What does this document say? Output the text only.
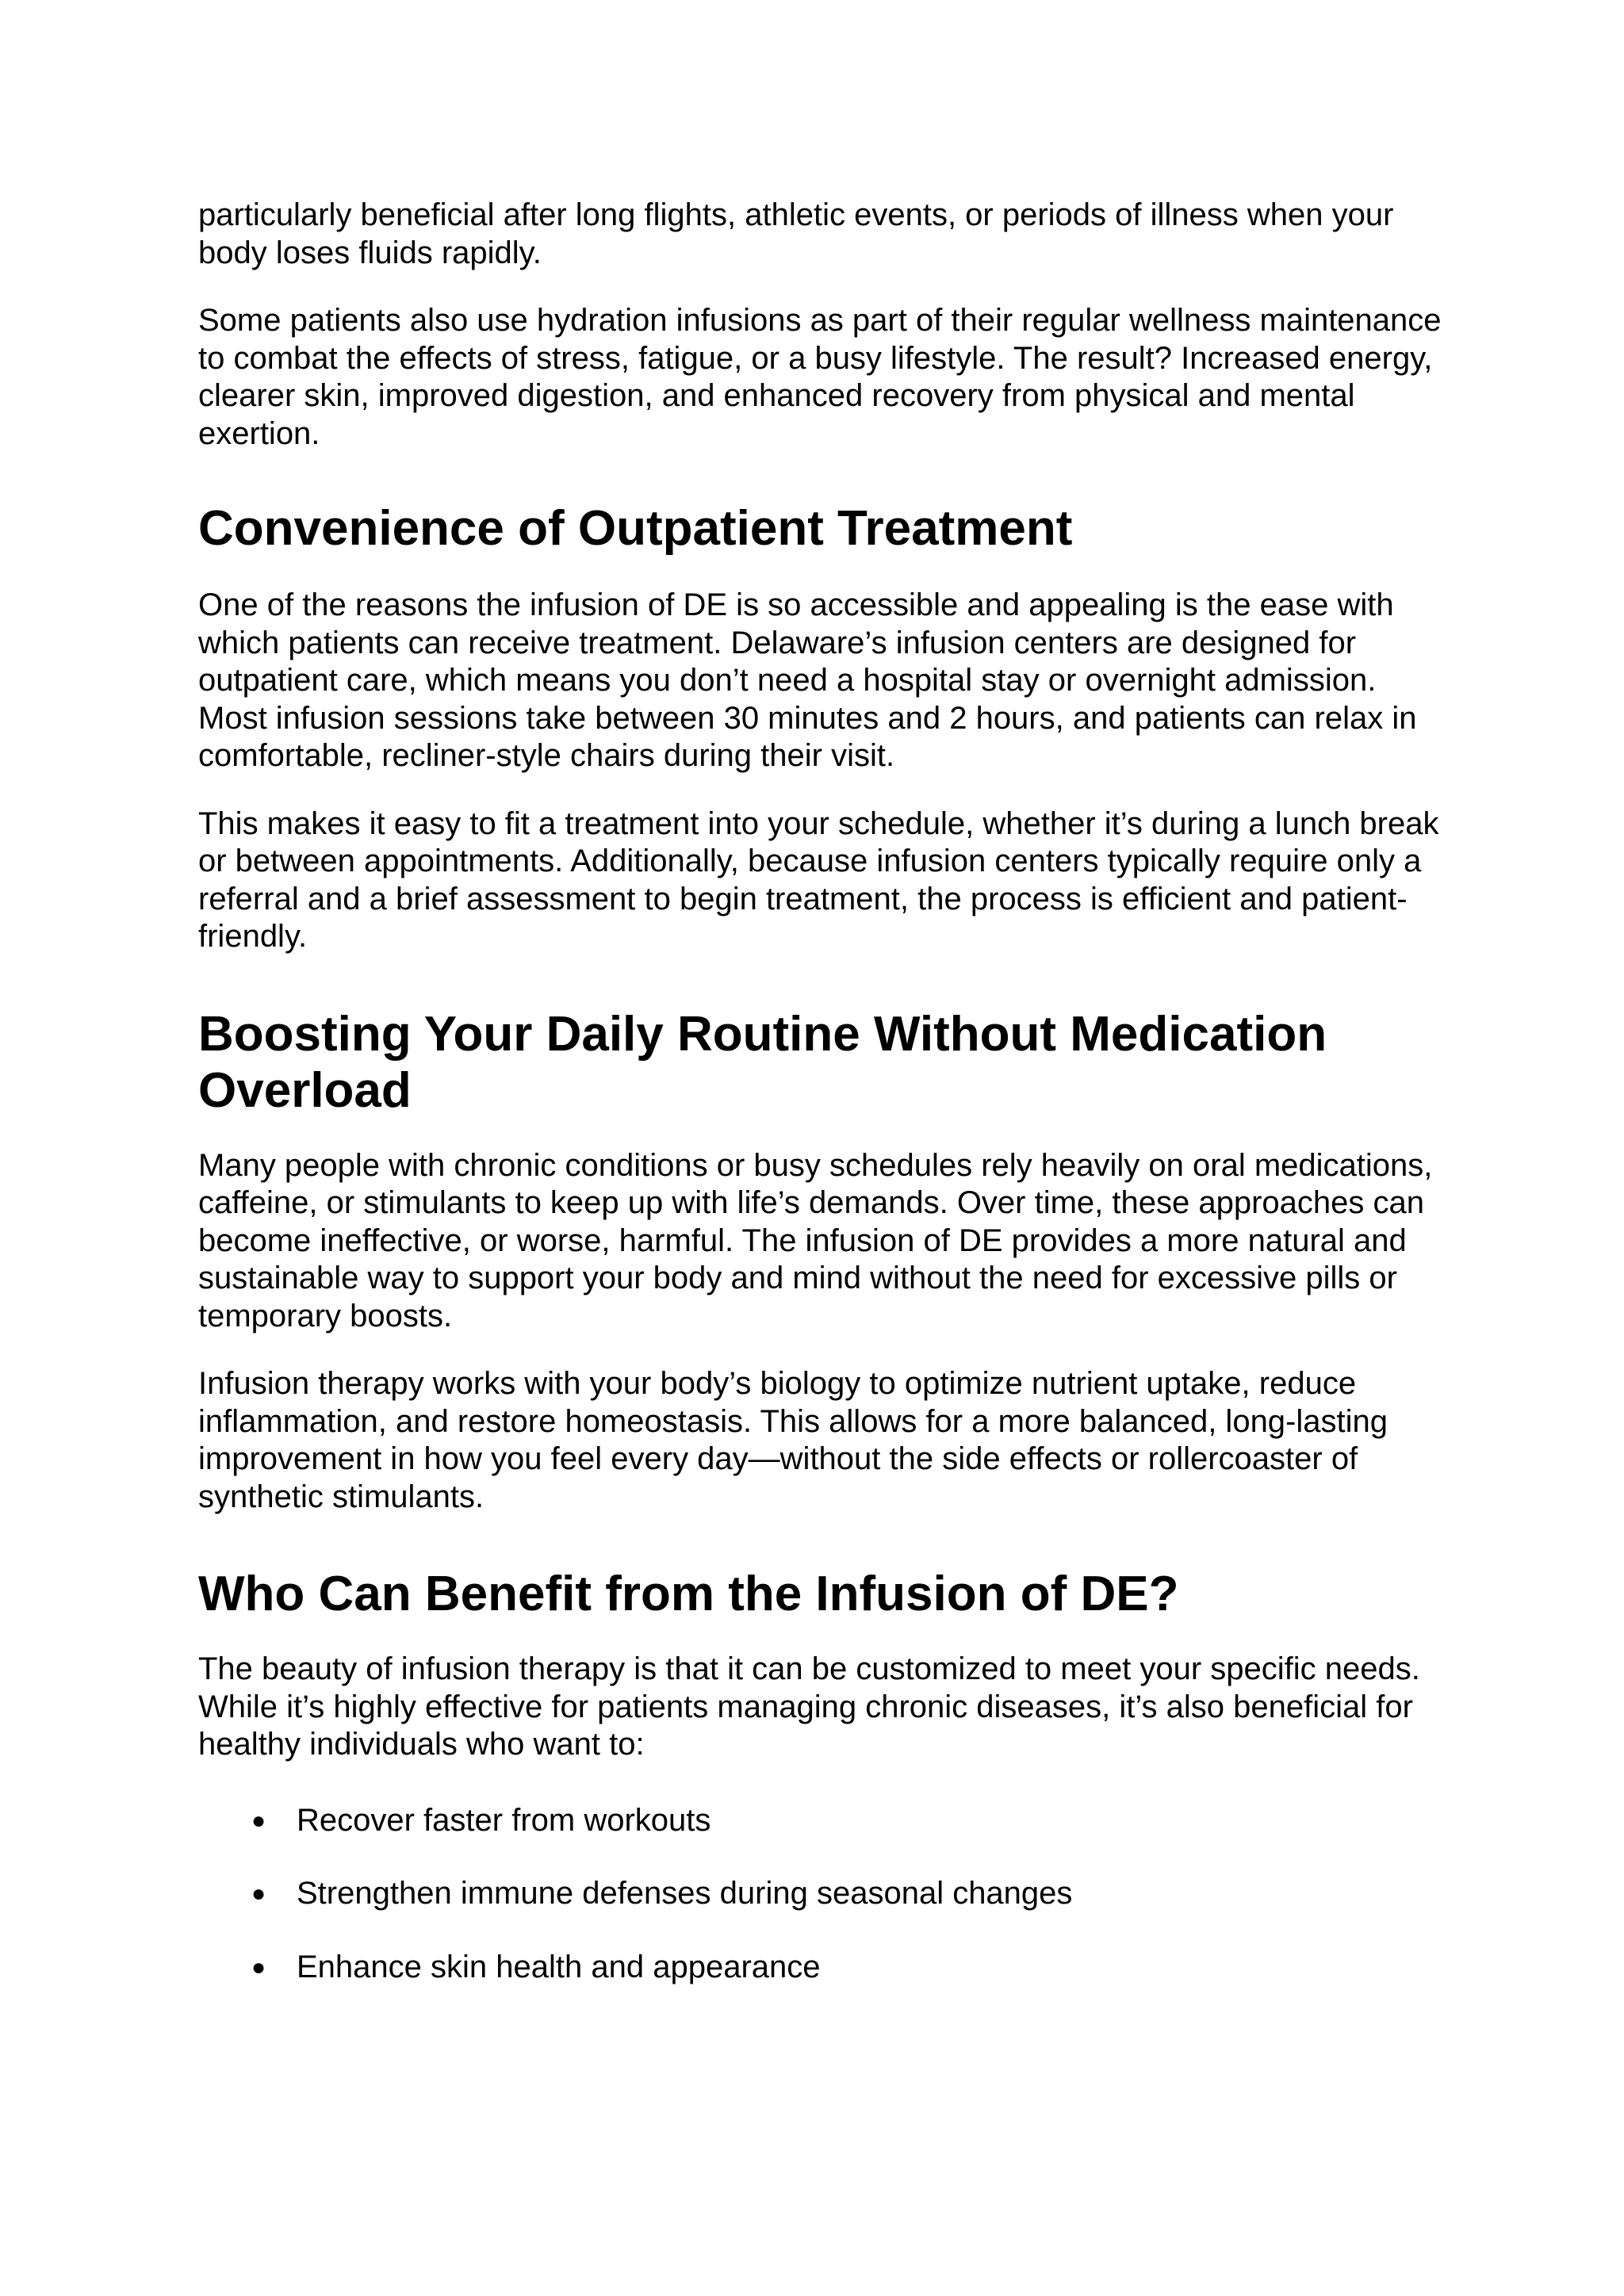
particularly beneficial after long flights, athletic events, or periods of illness when your body loses fluids rapidly.

Some patients also use hydration infusions as part of their regular wellness maintenance to combat the effects of stress, fatigue, or a busy lifestyle. The result? Increased energy, clearer skin, improved digestion, and enhanced recovery from physical and mental exertion.

Convenience of Outpatient Treatment

One of the reasons the infusion of DE is so accessible and appealing is the ease with which patients can receive treatment. Delaware’s infusion centers are designed for outpatient care, which means you don’t need a hospital stay or overnight admission. Most infusion sessions take between 30 minutes and 2 hours, and patients can relax in comfortable, recliner-style chairs during their visit.

This makes it easy to fit a treatment into your schedule, whether it’s during a lunch break or between appointments. Additionally, because infusion centers typically require only a referral and a brief assessment to begin treatment, the process is efficient and patient-friendly.

Boosting Your Daily Routine Without Medication Overload

Many people with chronic conditions or busy schedules rely heavily on oral medications, caffeine, or stimulants to keep up with life’s demands. Over time, these approaches can become ineffective, or worse, harmful. The infusion of DE provides a more natural and sustainable way to support your body and mind without the need for excessive pills or temporary boosts.

Infusion therapy works with your body’s biology to optimize nutrient uptake, reduce inflammation, and restore homeostasis. This allows for a more balanced, long-lasting improvement in how you feel every day—without the side effects or rollercoaster of synthetic stimulants.

Who Can Benefit from the Infusion of DE?

The beauty of infusion therapy is that it can be customized to meet your specific needs. While it’s highly effective for patients managing chronic diseases, it’s also beneficial for healthy individuals who want to:

● Recover faster from workouts
● Strengthen immune defenses during seasonal changes
● Enhance skin health and appearance
